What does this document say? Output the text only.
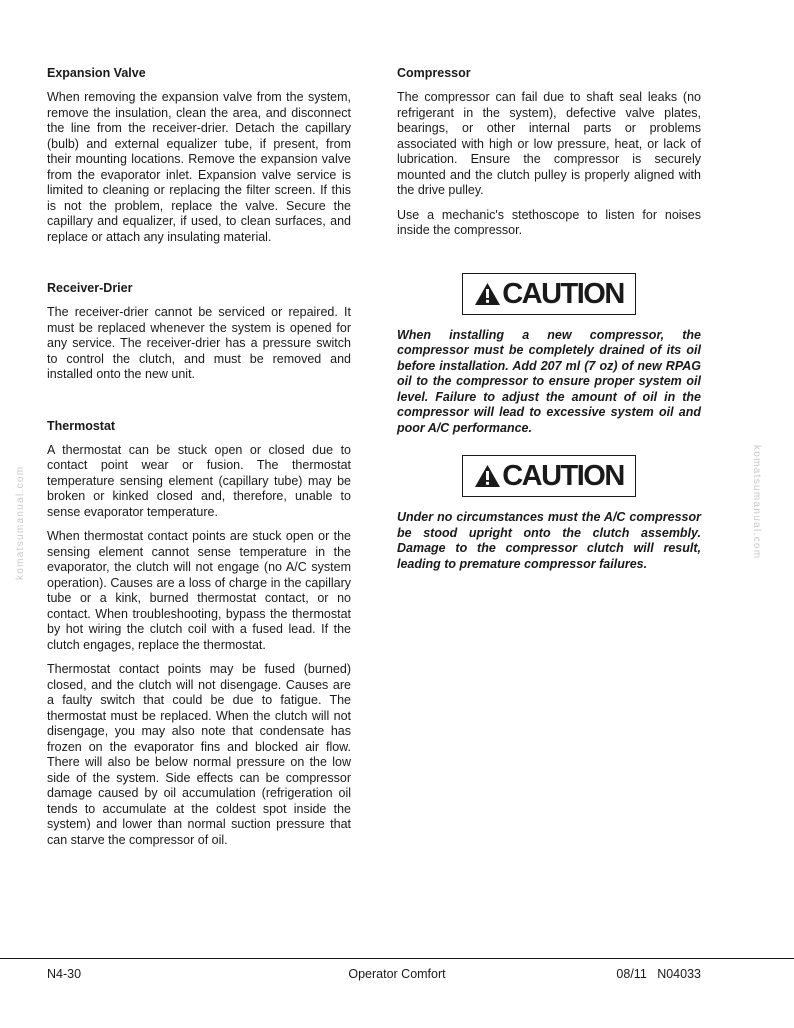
Expansion Valve

When removing the expansion valve from the system, remove the insulation, clean the area, and disconnect the line from the receiver-drier. Detach the capillary (bulb) and external equalizer tube, if present, from their mounting locations. Remove the expansion valve from the evaporator inlet. Expansion valve service is limited to cleaning or replacing the filter screen. If this is not the problem, replace the valve. Secure the capillary and equalizer, if used, to clean surfaces, and replace or attach any insulating material.

Receiver-Drier

The receiver-drier cannot be serviced or repaired. It must be replaced whenever the system is opened for any service. The receiver-drier has a pressure switch to control the clutch, and must be removed and installed onto the new unit.

Thermostat

A thermostat can be stuck open or closed due to contact point wear or fusion. The thermostat temperature sensing element (capillary tube) may be broken or kinked closed and, therefore, unable to sense evaporator temperature.

When thermostat contact points are stuck open or the sensing element cannot sense temperature in the evaporator, the clutch will not engage (no A/C system operation). Causes are a loss of charge in the capillary tube or a kink, burned thermostat contact, or no contact. When troubleshooting, bypass the thermostat by hot wiring the clutch coil with a fused lead. If the clutch engages, replace the thermostat.

Thermostat contact points may be fused (burned) closed, and the clutch will not disengage. Causes are a faulty switch that could be due to fatigue. The thermostat must be replaced. When the clutch will not disengage, you may also note that condensate has frozen on the evaporator fins and blocked air flow. There will also be below normal pressure on the low side of the system. Side effects can be compressor damage caused by oil accumulation (refrigeration oil tends to accumulate at the coldest spot inside the system) and lower than normal suction pressure that can starve the compressor of oil.

Compressor

The compressor can fail due to shaft seal leaks (no refrigerant in the system), defective valve plates, bearings, or other internal parts or problems associated with high or low pressure, heat, or lack of lubrication. Ensure the compressor is securely mounted and the clutch pulley is properly aligned with the drive pulley.

Use a mechanic's stethoscope to listen for noises inside the compressor.

CAUTION

When installing a new compressor, the compressor must be completely drained of its oil before installation. Add 207 ml (7 oz) of new RPAG oil to the compressor to ensure proper system oil level. Failure to adjust the amount of oil in the compressor will lead to excessive system oil and poor A/C performance.

CAUTION

Under no circumstances must the A/C compressor be stood upright onto the clutch assembly. Damage to the compressor clutch will result, leading to premature compressor failures.

komatsumanual.com	komatsumanual.com
N4-30	Operator Comfort	08/11 N04033
